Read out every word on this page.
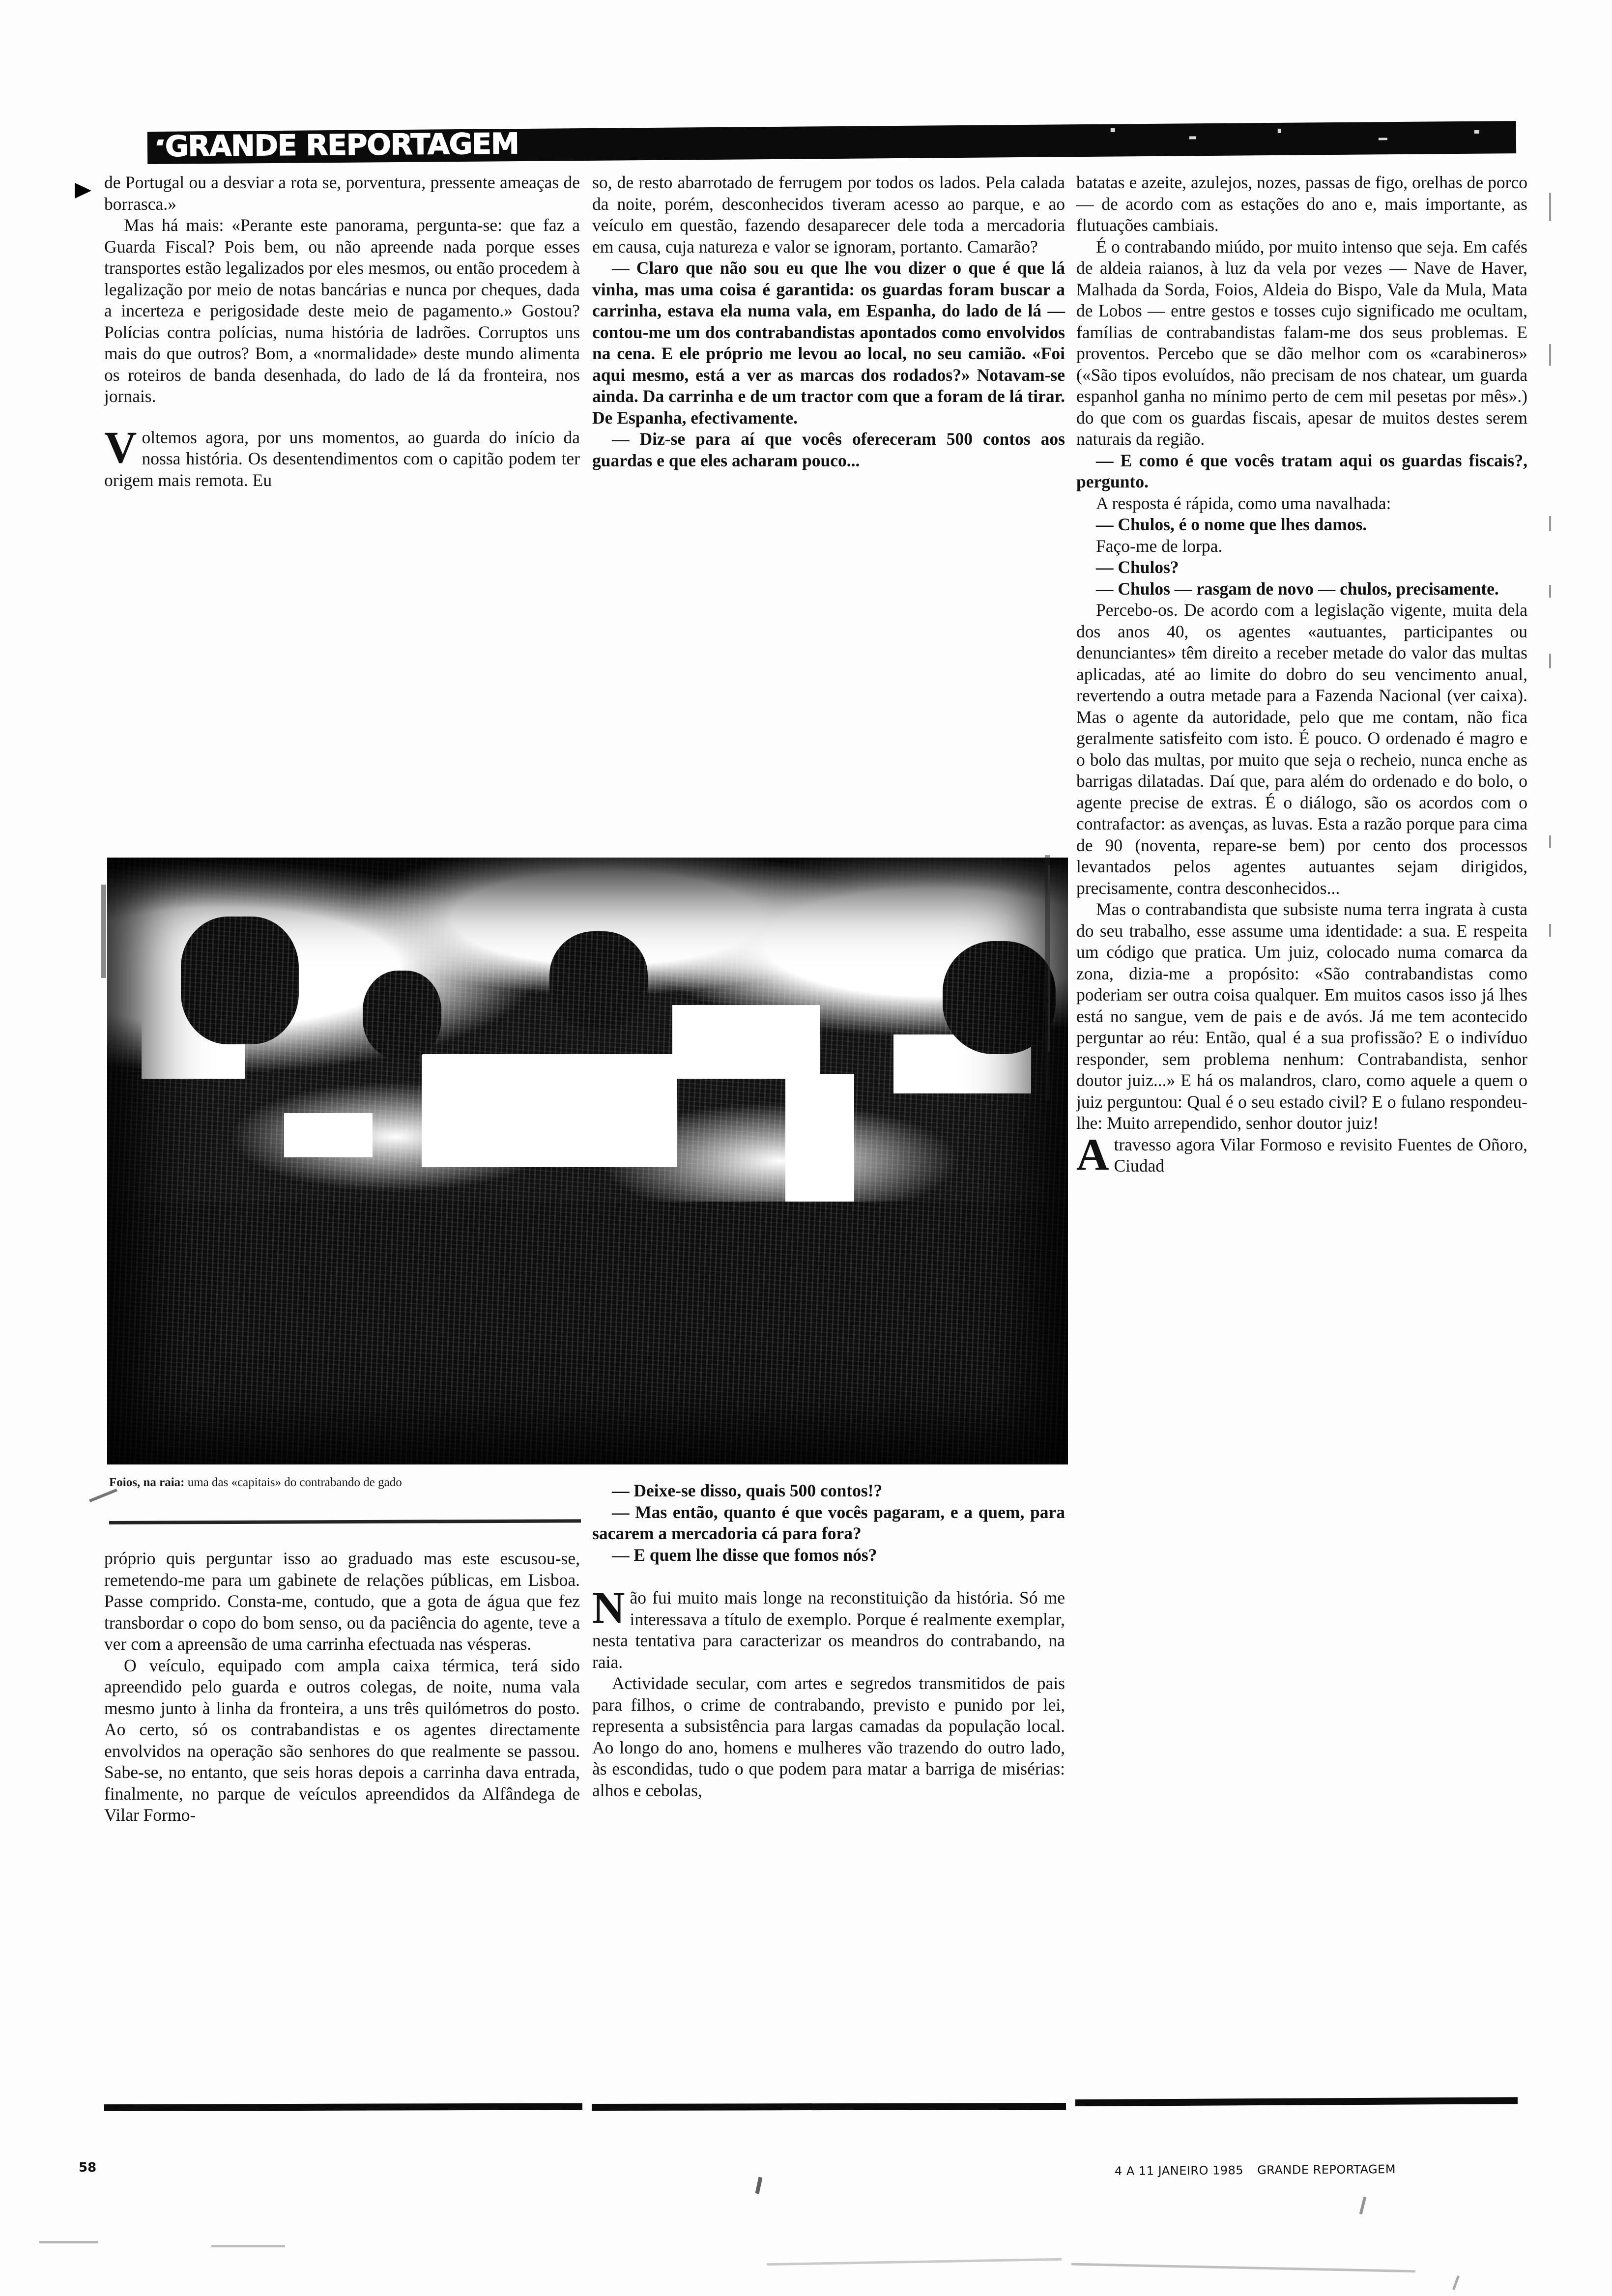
GRANDE REPORTAGEM

de Portugal ou a desviar a rota se, porventura, pressente ameaças de borrasca.»

Mas há mais: «Perante este panorama, pergunta-se: que faz a Guarda Fiscal? Pois bem, ou não apreende nada porque esses transportes estão legalizados por eles mesmos, ou então procedem à legalização por meio de notas bancárias e nunca por cheques, dada a incerteza e perigosidade deste meio de pagamento.» Gostou? Polícias contra polícias, numa história de ladrões. Corruptos uns mais do que outros? Bom, a «normalidade» deste mundo alimenta os roteiros de banda desenhada, do lado de lá da fronteira, nos jornais.

Voltemos agora, por uns momentos, ao guarda do início da nossa história. Os desentendimentos com o capitão podem ter origem mais remota. Eu

so, de resto abarrotado de ferrugem por todos os lados. Pela calada da noite, porém, desconhecidos tiveram acesso ao parque, e ao veículo em questão, fazendo desaparecer dele toda a mercadoria em causa, cuja natureza e valor se ignoram, portanto. Camarão?

— Claro que não sou eu que lhe vou dizer o que é que lá vinha, mas uma coisa é garantida: os guardas foram buscar a carrinha, estava ela numa vala, em Espanha, do lado de lá — contou-me um dos contrabandistas apontados como envolvidos na cena. E ele próprio me levou ao local, no seu camião. «Foi aqui mesmo, está a ver as marcas dos rodados?» Notavam-se ainda. Da carrinha e de um tractor com que a foram de lá tirar. De Espanha, efectivamente.

— Diz-se para aí que vocês ofereceram 500 contos aos guardas e que eles acharam pouco...

batatas e azeite, azulejos, nozes, passas de figo, orelhas de porco — de acordo com as estações do ano e, mais importante, as flutuações cambiais.

É o contrabando miúdo, por muito intenso que seja. Em cafés de aldeia raianos, à luz da vela por vezes — Nave de Haver, Malhada da Sorda, Foios, Aldeia do Bispo, Vale da Mula, Mata de Lobos — entre gestos e tosses cujo significado me ocultam, famílias de contrabandistas falam-me dos seus problemas. E proventos. Percebo que se dão melhor com os «carabineros» («São tipos evoluídos, não precisam de nos chatear, um guarda espanhol ganha no mínimo perto de cem mil pesetas por mês».) do que com os guardas fiscais, apesar de muitos destes serem naturais da região.

— E como é que vocês tratam aqui os guardas fiscais?, pergunto.

A resposta é rápida, como uma navalhada:

— Chulos, é o nome que lhes damos.

Faço-me de lorpa.

— Chulos?

— Chulos — rasgam de novo — chulos, precisamente.

Percebo-os. De acordo com a legislação vigente, muita dela dos anos 40, os agentes «autuantes, participantes ou denunciantes» têm direito a receber metade do valor das multas aplicadas, até ao limite do dobro do seu vencimento anual, revertendo a outra metade para a Fazenda Nacional (ver caixa). Mas o agente da autoridade, pelo que me contam, não fica geralmente satisfeito com isto. É pouco. O ordenado é magro e o bolo das multas, por muito que seja o recheio, nunca enche as barrigas dilatadas. Daí que, para além do ordenado e do bolo, o agente precise de extras. É o diálogo, são os acordos com o contrafactor: as avenças, as luvas. Esta a razão porque para cima de 90 (noventa, repare-se bem) por cento dos processos levantados pelos agentes autuantes sejam dirigidos, precisamente, contra desconhecidos...

Mas o contrabandista que subsiste numa terra ingrata à custa do seu trabalho, esse assume uma identidade: a sua. E respeita um código que pratica. Um juiz, colocado numa comarca da zona, dizia-me a propósito: «São contrabandistas como poderiam ser outra coisa qualquer. Em muitos casos isso já lhes está no sangue, vem de pais e de avós. Já me tem acontecido perguntar ao réu: Então, qual é a sua profissão? E o indivíduo responder, sem problema nenhum: Contrabandista, senhor doutor juiz...» E há os malandros, claro, como aquele a quem o juiz perguntou: Qual é o seu estado civil? E o fulano respondeu-lhe: Muito arrependido, senhor doutor juiz!

Atravesso agora Vilar Formoso e revisito Fuentes de Oñoro, Ciudad

Foios, na raia: uma das «capitais» do contrabando de gado

próprio quis perguntar isso ao graduado mas este escusou-se, remetendo-me para um gabinete de relações públicas, em Lisboa. Passe comprido. Consta-me, contudo, que a gota de água que fez transbordar o copo do bom senso, ou da paciência do agente, teve a ver com a apreensão de uma carrinha efectuada nas vésperas.

O veículo, equipado com ampla caixa térmica, terá sido apreendido pelo guarda e outros colegas, de noite, numa vala mesmo junto à linha da fronteira, a uns três quilómetros do posto. Ao certo, só os contrabandistas e os agentes directamente envolvidos na operação são senhores do que realmente se passou. Sabe-se, no entanto, que seis horas depois a carrinha dava entrada, finalmente, no parque de veículos apreendidos da Alfândega de Vilar Formo-

— Deixe-se disso, quais 500 contos!?

— Mas então, quanto é que vocês pagaram, e a quem, para sacarem a mercadoria cá para fora?

— E quem lhe disse que fomos nós?

Não fui muito mais longe na reconstituição da história. Só me interessava a título de exemplo. Porque é realmente exemplar, nesta tentativa para caracterizar os meandros do contrabando, na raia.

Actividade secular, com artes e segredos transmitidos de pais para filhos, o crime de contrabando, previsto e punido por lei, representa a subsistência para largas camadas da população local. Ao longo do ano, homens e mulheres vão trazendo do outro lado, às escondidas, tudo o que podem para matar a barriga de misérias: alhos e cebolas,

58	4 A 11 JANEIRO 1985 GRANDE REPORTAGEM
